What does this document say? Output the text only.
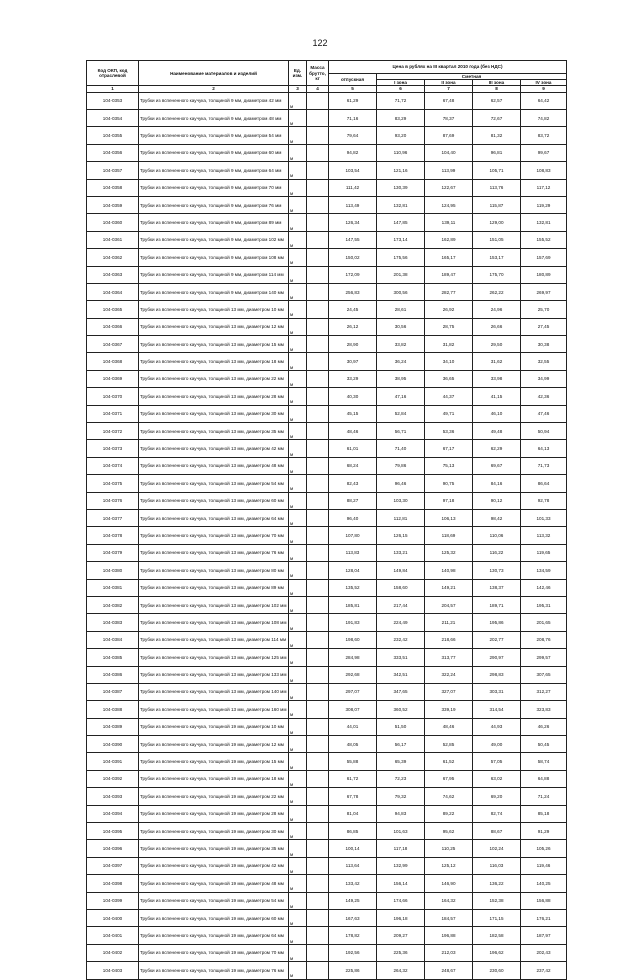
122
Код ОКП, код отраслевой	Наименование материалов и изделий	Ед. изм.	Масса брутто, кг	Цена в рублях на III квартал 2010 года (без НДС)				
				отпускная	Сметная			
					I зона	II зона	III зона	IV зона
1	2	3	4	5	6	7	8	9
104-0353	Трубки из вспененного каучука, толщиной 9 мм, диаметром 42 мм	м		61,29	71,72	67,48	62,57	64,42
104-0354	Трубки из вспененного каучука, толщиной 9 мм, диаметром 48 мм	м		71,16	83,29	78,37	72,67	74,82
104-0355	Трубки из вспененного каучука, толщиной 9 мм, диаметром 54 мм	м		79,64	93,20	87,69	81,32	83,72
104-0356	Трубки из вспененного каучука, толщиной 9 мм, диаметром 60 мм	м		94,82	110,96	104,40	96,81	99,67
104-0357	Трубки из вспененного каучука, толщиной 9 мм, диаметром 64 мм	м		103,54	121,16	113,99	105,71	108,83
104-0358	Трубки из вспененного каучука, толщиной 9 мм, диаметром 70 мм	м		111,42	130,39	122,67	113,76	117,12
104-0359	Трубки из вспененного каучука, толщиной 9 мм, диаметром 76 мм	м		113,49	132,81	124,95	115,87	119,29
104-0360	Трубки из вспененного каучука, толщиной 9 мм, диаметром 89 мм	м		126,34	147,85	139,11	129,00	132,81
104-0361	Трубки из вспененного каучука, толщиной 9 мм, диаметром 102 мм	м		147,55	173,14	162,89	151,05	155,52
104-0362	Трубки из вспененного каучука, толщиной 9 мм, диаметром 108 мм	м		150,02	175,56	165,17	153,17	157,69
104-0363	Трубки из вспененного каучука, толщиной 9 мм, диаметром 114 мм	м		172,09	201,38	189,47	175,70	180,89
104-0364	Трубки из вспененного каучука, толщиной 9 мм, диаметром 140 мм	м		256,83	300,56	282,77	262,22	269,97
104-0365	Трубки из вспененного каучука, толщиной 13 мм, диаметром 10 мм	м		24,45	28,61	26,92	24,96	25,70
104-0366	Трубки из вспененного каучука, толщиной 13 мм, диаметром 12 мм	м		26,12	30,56	28,75	26,66	27,45
104-0367	Трубки из вспененного каучука, толщиной 13 мм, диаметром 15 мм	м		28,90	33,82	31,82	29,50	30,38
104-0368	Трубки из вспененного каучука, толщиной 13 мм, диаметром 18 мм	м		30,97	36,24	34,10	31,62	32,55
104-0369	Трубки из вспененного каучука, толщиной 13 мм, диаметром 22 мм	м		33,29	38,95	36,65	33,98	34,99
104-0370	Трубки из вспененного каучука, толщиной 13 мм, диаметром 28 мм	м		40,30	47,16	44,37	41,15	42,36
104-0371	Трубки из вспененного каучука, толщиной 13 мм, диаметром 30 мм	м		45,15	52,84	49,71	46,10	47,46
104-0372	Трубки из вспененного каучука, толщиной 13 мм, диаметром 35 мм	м		48,46	56,71	53,36	49,48	50,94
104-0373	Трубки из вспененного каучука, толщиной 13 мм, диаметром 42 мм	м		61,01	71,40	67,17	62,29	64,13
104-0374	Трубки из вспененного каучука, толщиной 13 мм, диаметром 48 мм	м		68,24	79,86	75,13	69,67	71,73
104-0375	Трубки из вспененного каучука, толщиной 13 мм, диаметром 54 мм	м		82,43	96,46	90,75	84,16	86,64
104-0376	Трубки из вспененного каучука, толщиной 13 мм, диаметром 60 мм	м		88,27	103,30	97,18	90,12	92,78
104-0377	Трубки из вспененного каучука, толщиной 13 мм, диаметром 64 мм	м		96,40	112,81	106,13	98,42	101,33
104-0378	Трубки из вспененного каучука, толщиной 13 мм, диаметром 70 мм	м		107,80	126,15	118,69	110,06	113,32
104-0379	Трубки из вспененного каучука, толщиной 13 мм, диаметром 76 мм	м		113,83	133,21	125,32	116,22	119,65
104-0380	Трубки из вспененного каучука, толщиной 13 мм, диаметром 80 мм	м		128,04	149,84	140,98	130,73	134,59
104-0381	Трубки из вспененного каучука, толщиной 13 мм, диаметром 89 мм	м		135,52	158,60	149,21	138,37	142,46
104-0382	Трубки из вспененного каучука, толщиной 13 мм, диаметром 102 мм	м		185,81	217,44	204,57	189,71	195,31
104-0383	Трубки из вспененного каучука, толщиной 13 мм, диаметром 108 мм	м		191,83	224,49	211,21	195,86	201,65
104-0384	Трубки из вспененного каучука, толщиной 13 мм, диаметром 114 мм	м		198,60	232,42	218,66	202,77	208,76
104-0385	Трубки из вспененного каучука, толщиной 13 мм, диаметром 125 мм	м		284,98	333,51	313,77	290,97	299,57
104-0386	Трубки из вспененного каучука, толщиной 13 мм, диаметром 133 мм	м		292,68	342,51	322,24	298,83	307,65
104-0387	Трубки из вспененного каучука, толщиной 13 мм, диаметром 140 мм	м		297,07	347,65	327,07	303,31	312,27
104-0388	Трубки из вспененного каучука, толщиной 13 мм, диаметром 160 мм	м		308,07	360,52	339,19	314,54	323,83
104-0389	Трубки из вспененного каучука, толщиной 19 мм, диаметром 10 мм	м		44,01	51,50	48,46	44,93	46,26
104-0390	Трубки из вспененного каучука, толщиной 19 мм, диаметром 12 мм	м		48,05	56,17	52,85	49,00	50,45
104-0391	Трубки из вспененного каучука, толщиной 19 мм, диаметром 15 мм	м		55,88	65,39	61,52	57,05	58,74
104-0392	Трубки из вспененного каучука, толщиной 19 мм, диаметром 18 мм	м		61,72	72,23	67,95	63,02	64,88
104-0393	Трубки из вспененного каучука, толщиной 19 мм, диаметром 22 мм	м		67,78	79,32	74,62	69,20	71,24
104-0394	Трубки из вспененного каучука, толщиной 19 мм, диаметром 28 мм	м		81,04	94,83	89,22	82,74	85,18
104-0395	Трубки из вспененного каучука, толщиной 19 мм, диаметром 30 мм	м		86,85	101,63	95,62	88,67	91,29
104-0396	Трубки из вспененного каучука, толщиной 19 мм, диаметром 35 мм	м		100,14	117,18	110,25	102,24	105,26
104-0397	Трубки из вспененного каучука, толщиной 19 мм, диаметром 42 мм	м		113,64	132,99	125,12	116,03	119,46
104-0398	Трубки из вспененного каучука, толщиной 19 мм, диаметром 48 мм	м		133,42	156,14	146,90	136,22	140,25
104-0399	Трубки из вспененного каучука, толщиной 19 мм, диаметром 54 мм	м		149,25	174,66	164,32	152,38	156,88
104-0400	Трубки из вспененного каучука, толщиной 19 мм, диаметром 60 мм	м		167,63	196,18	184,57	171,15	176,21
104-0401	Трубки из вспененного каучука, толщиной 19 мм, диаметром 64 мм	м		178,82	209,27	196,88	182,58	187,97
104-0402	Трубки из вспененного каучука, толщиной 19 мм, диаметром 70 мм	м		192,56	225,36	212,03	196,62	202,43
104-0403	Трубки из вспененного каучука, толщиной 19 мм, диаметром 76 мм	м		225,86	264,32	248,67	230,60	237,42
